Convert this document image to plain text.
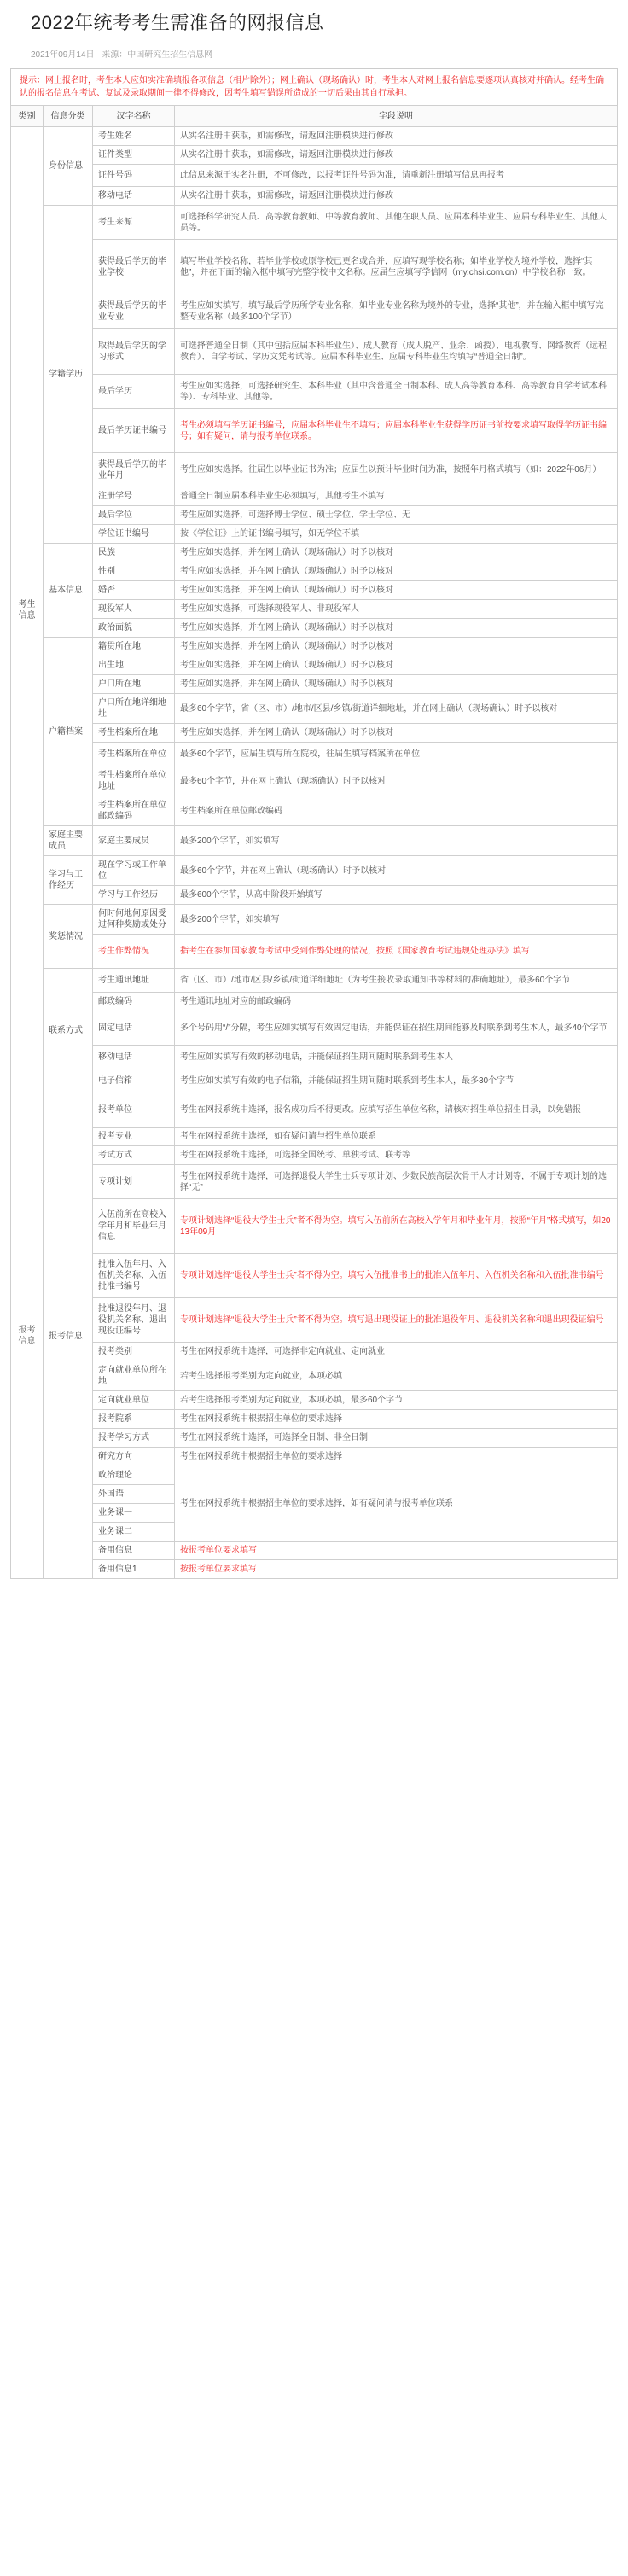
2022年统考考生需准备的网报信息
2021年09月14日 来源：中国研究生招生信息网
提示：网上报名时，考生本人应如实准确填报各项信息（相片除外）；网上确认（现场确认）时，考生本人对网上报名信息要逐项认真核对并确认。经考生确认的报名信息在考试、复试及录取期间一律不得修改，因考生填写错误所造成的一切后果由其自行承担。
类别	信息分类	汉字名称	字段说明
考生信息	身份信息	考生姓名	从实名注册中获取，如需修改，请返回注册模块进行修改
		证件类型	从实名注册中获取，如需修改，请返回注册模块进行修改
		证件号码	此信息来源于实名注册，不可修改，以报考证件号码为准，请重新注册填写信息再报考
		移动电话	从实名注册中获取，如需修改，请返回注册模块进行修改
	学籍学历	考生来源	可选择科学研究人员、高等教育教师、中等教育教师、其他在职人员、应届本科毕业生、应届专科毕业生、其他人员等。
		获得最后学历的毕业学校	填写毕业学校名称，若毕业学校或原学校已更名或合并，应填写现学校名称；如毕业学校为境外学校，选择“其他”，并在下面的输入框中填写完整学校中文名称。应届生应填写学信网（my.chsi.com.cn）中学校名称一致。
		获得最后学历的毕业专业	考生应如实填写，填写最后学历所学专业名称，如毕业专业名称为境外的专业，选择“其他”，并在输入框中填写完整专业名称（最多100个字节）
		取得最后学历的学习形式	可选择普通全日制（其中包括应届本科毕业生）、成人教育（成人脱产、业余、函授）、电视教育、网络教育（远程教育）、自学考试、学历文凭考试等。应届本科毕业生、应届专科毕业生均填写“普通全日制”。
		最后学历	考生应如实选择，可选择研究生、本科毕业（其中含普通全日制本科、成人高等教育本科、高等教育自学考试本科等）、专科毕业、其他等。
		最后学历证书编号	考生必须填写学历证书编号，应届本科毕业生不填写；应届本科毕业生获得学历证书前按要求填写取得学历证书编号；如有疑问，请与报考单位联系。
		获得最后学历的毕业年月	考生应如实选择。往届生以毕业证书为准；应届生以预计毕业时间为准，按照年月格式填写（如：2022年06月）
		注册学号	普通全日制应届本科毕业生必须填写，其他考生不填写
		最后学位	考生应如实选择，可选择博士学位、硕士学位、学士学位、无
		学位证书编号	按《学位证》上的证书编号填写，如无学位不填
	基本信息	民族	考生应如实选择，并在网上确认（现场确认）时予以核对
		性别	考生应如实选择，并在网上确认（现场确认）时予以核对
		婚否	考生应如实选择，并在网上确认（现场确认）时予以核对
		现役军人	考生应如实选择，可选择现役军人、非现役军人
		政治面貌	考生应如实选择，并在网上确认（现场确认）时予以核对
	户籍档案	籍贯所在地	考生应如实选择，并在网上确认（现场确认）时予以核对
		出生地	考生应如实选择，并在网上确认（现场确认）时予以核对
		户口所在地	考生应如实选择，并在网上确认（现场确认）时予以核对
		户口所在地详细地址	最多60个字节，省（区、市）/地市/区县/乡镇/街道详细地址，并在网上确认（现场确认）时予以核对
		考生档案所在地	考生应如实选择，并在网上确认（现场确认）时予以核对
		考生档案所在单位	最多60个字节，应届生填写所在院校，往届生填写档案所在单位
		考生档案所在单位地址	最多60个字节，并在网上确认（现场确认）时予以核对
		考生档案所在单位邮政编码	考生档案所在单位邮政编码
	家庭主要成员	家庭主要成员	最多200个字节，如实填写
	学习与工作经历	现在学习或工作单位	最多60个字节，并在网上确认（现场确认）时予以核对
		学习与工作经历	最多600个字节，从高中阶段开始填写
	奖惩情况	何时何地何原因受过何种奖励或处分	最多200个字节，如实填写
		考生作弊情况	指考生在参加国家教育考试中受到作弊处理的情况，按照《国家教育考试违规处理办法》填写
	联系方式	考生通讯地址	省（区、市）/地市/区县/乡镇/街道详细地址（为考生接收录取通知书等材料的准确地址），最多60个字节
		邮政编码	考生通讯地址对应的邮政编码
		固定电话	多个号码用“/”分隔，考生应如实填写有效固定电话，并能保证在招生期间能够及时联系到考生本人，最多40个字节
		移动电话	考生应如实填写有效的移动电话，并能保证招生期间随时联系到考生本人
		电子信箱	考生应如实填写有效的电子信箱，并能保证招生期间随时联系到考生本人，最多30个字节
报考信息	报考信息	报考单位	考生在网报系统中选择，报名成功后不得更改。应填写招生单位名称，请核对招生单位招生目录，以免错报
		报考专业	考生在网报系统中选择，如有疑问请与招生单位联系
		考试方式	考生在网报系统中选择，可选择全国统考、单独考试、联考等
		专项计划	考生在网报系统中选择，可选择退役大学生士兵专项计划、少数民族高层次骨干人才计划等，不属于专项计划的选择“无”
		入伍前所在高校入学年月和毕业年月信息	专项计划选择“退役大学生士兵”者不得为空。填写入伍前所在高校入学年月和毕业年月，按照“年月”格式填写，如2013年09月
		批准入伍年月、入伍机关名称、入伍批准书编号	专项计划选择“退役大学生士兵”者不得为空。填写入伍批准书上的批准入伍年月、入伍机关名称和入伍批准书编号
		批准退役年月、退役机关名称、退出现役证编号	专项计划选择“退役大学生士兵”者不得为空。填写退出现役证上的批准退役年月、退役机关名称和退出现役证编号
		报考类别	考生在网报系统中选择，可选择非定向就业、定向就业
		定向就业单位所在地	若考生选择报考类别为定向就业，本项必填
		定向就业单位	若考生选择报考类别为定向就业，本项必填，最多60个字节
		报考院系	考生在网报系统中根据招生单位的要求选择
		报考学习方式	考生在网报系统中选择，可选择全日制、非全日制
		研究方向	考生在网报系统中根据招生单位的要求选择
		政治理论	考生在网报系统中根据招生单位的要求选择，如有疑问请与报考单位联系
		外国语	
		业务课一	
		业务课二	
		备用信息	按报考单位要求填写
		备用信息1	按报考单位要求填写
